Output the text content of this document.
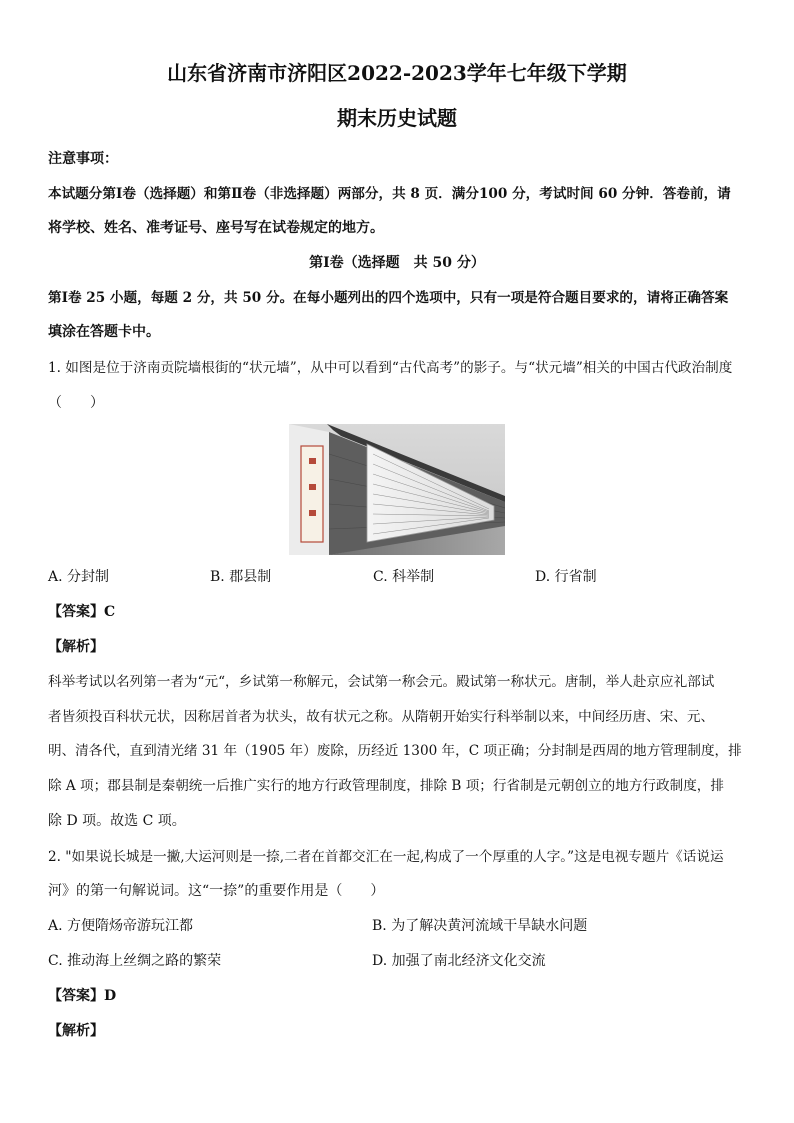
山东省济南市济阳区2022-2023学年七年级下学期
期末历史试题
注意事项：
本试题分第Ⅰ卷（选择题）和第Ⅱ卷（非选择题）两部分，共 8 页．满分100 分，考试时间 60 分钟．答卷前，请
将学校、姓名、准考证号、座号写在试卷规定的地方。
第Ⅰ卷（选择题　共 50 分）
第Ⅰ卷 25 小题，每题 2 分，共 50 分。在每小题列出的四个选项中，只有一项是符合题目要求的，请将正确答案
填涂在答题卡中。
1. 如图是位于济南贡院墙根街的“状元墙”，从中可以看到“古代高考”的影子。与“状元墙”相关的中国古代政治制度
（　　）
A. 分封制	B. 郡县制	C. 科举制	D. 行省制
【答案】C
【解析】
科举考试以名列第一者为“元“，乡试第一称解元，会试第一称会元。殿试第一称状元。唐制，举人赴京应礼部试
者皆须投百科状元状，因称居首者为状头，故有状元之称。从隋朝开始实行科举制以来，中间经历唐、宋、元、
明、清各代，直到清光绪 31 年（1905 年）废除，历经近 1300 年，C 项正确；分封制是西周的地方管理制度，排
除 A 项；郡县制是秦朝统一后推广实行的地方行政管理制度，排除 B 项；行省制是元朝创立的地方行政制度，排
除 D 项。故选 C 项。
2. "如果说长城是一撇,大运河则是一捺,二者在首都交汇在一起,构成了一个厚重的人字。”这是电视专题片《话说运
河》的第一句解说词。这“一捺”的重要作用是（　　）
A. 方便隋炀帝游玩江都	B. 为了解决黄河流域干旱缺水问题
C. 推动海上丝绸之路的繁荣	D. 加强了南北经济文化交流
【答案】D
【解析】
